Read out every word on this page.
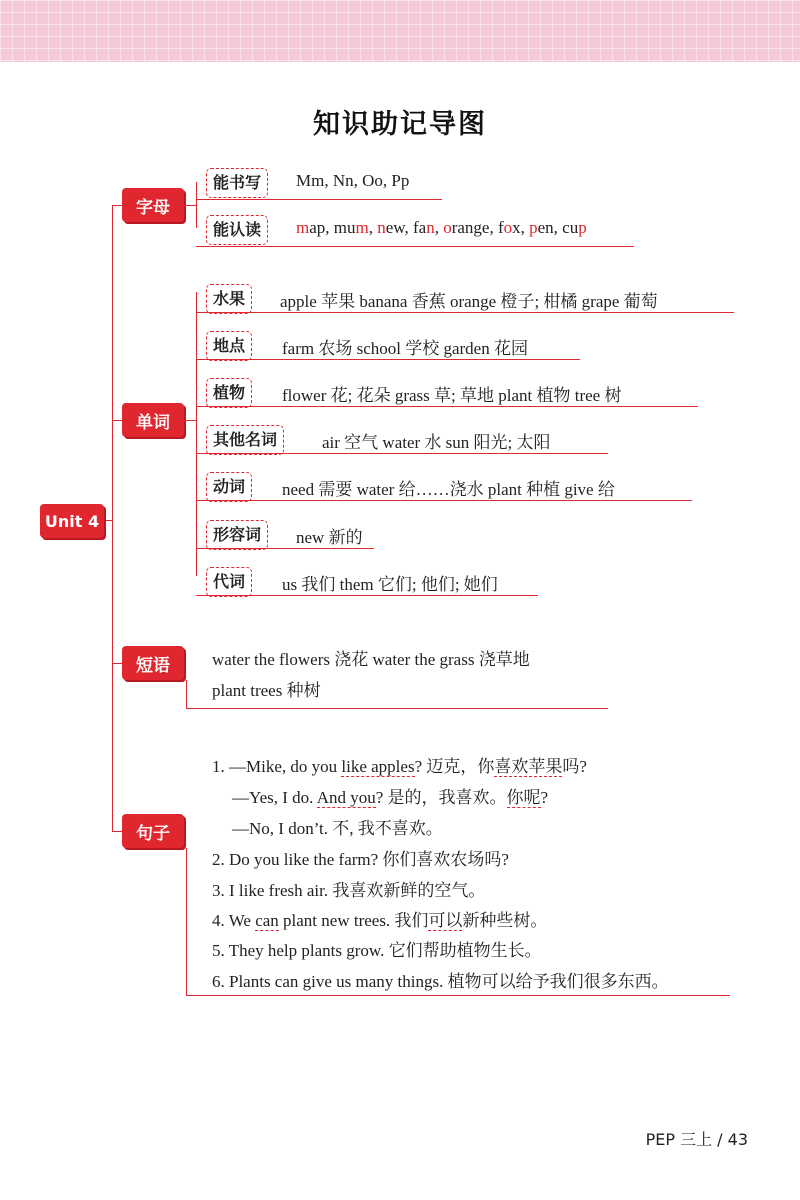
知识助记导图
Unit 4
字母
能书写	Mm, Nn, Oo, Pp
能认读	map, mum, new, fan, orange, fox, pen, cup
单词
水果	apple 苹果 banana 香蕉 orange 橙子; 柑橘 grape 葡萄
地点	farm 农场 school 学校 garden 花园
植物	flower 花; 花朵 grass 草; 草地 plant 植物 tree 树
其他名词	air 空气 water 水 sun 阳光; 太阳
动词	need 需要 water 给……浇水 plant 种植 give 给
形容词	new 新的
代词	us 我们 them 它们; 他们; 她们
短语	water the flowers 浇花 water the grass 浇草地
plant trees 种树
句子
1. —Mike, do you like apples? 迈克，你喜欢苹果吗?
—Yes, I do. And you? 是的，我喜欢。你呢?
—No, I don’t. 不, 我不喜欢。
2. Do you like the farm? 你们喜欢农场吗?
3. I like fresh air. 我喜欢新鲜的空气。
4. We can plant new trees. 我们可以新种些树。
5. They help plants grow. 它们帮助植物生长。
6. Plants can give us many things. 植物可以给予我们很多东西。
PEP 三上 / 43
